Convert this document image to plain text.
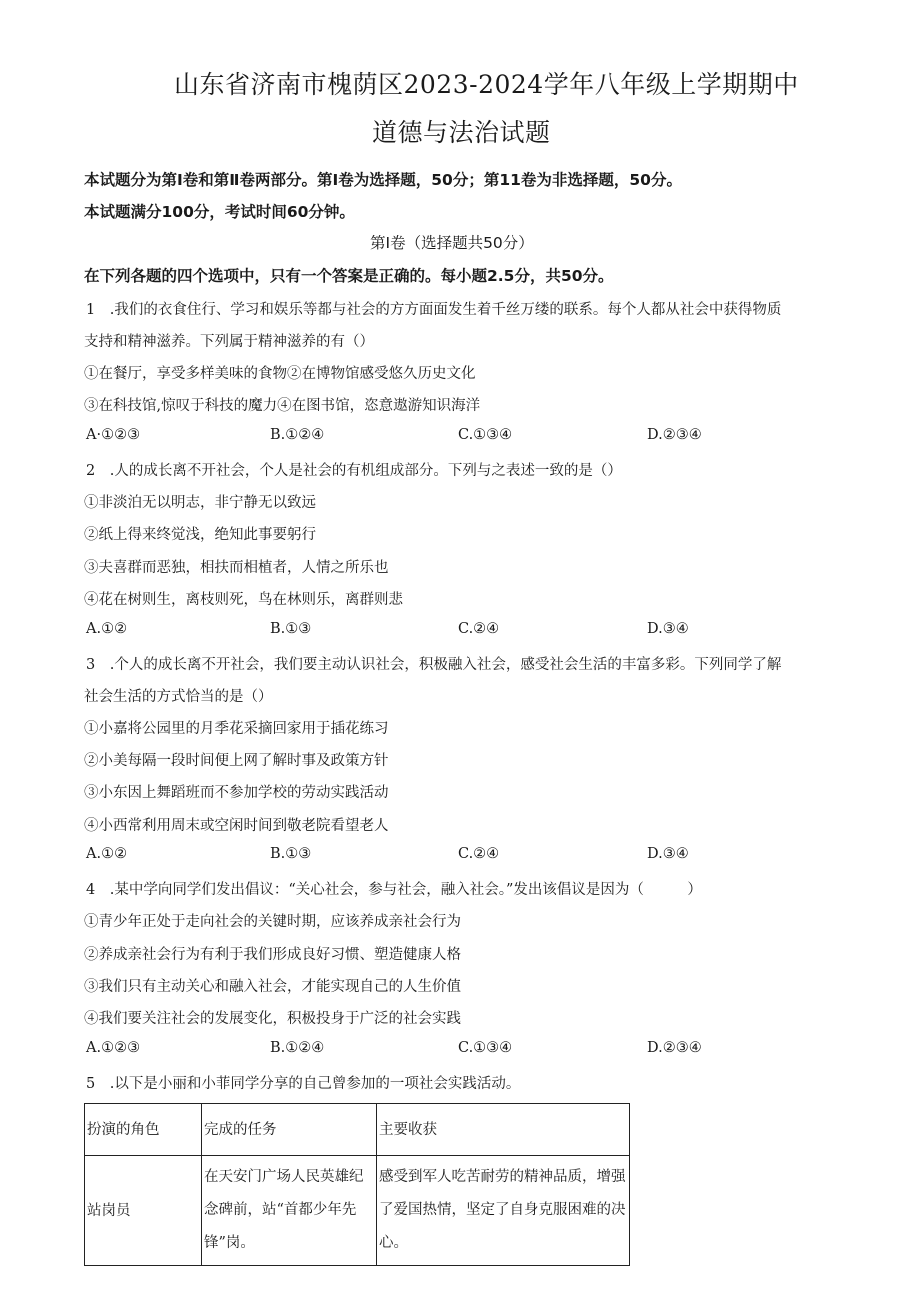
山东省济南市槐荫区2023-2024学年八年级上学期期中
道德与法治试题
本试题分为第Ⅰ卷和第Ⅱ卷两部分。第Ⅰ卷为选择题，50分；第11卷为非选择题，50分。
本试题满分100分，考试时间60分钟。
第Ⅰ卷（选择题共50分）
在下列各题的四个选项中，只有一个答案是正确的。每小题2.5分，共50分。
1　.我们的衣食住行、学习和娱乐等都与社会的方方面面发生着千丝万缕的联系。每个人都从社会中获得物质
支持和精神滋养。下列属于精神滋养的有（）
①在餐厅，享受多样美味的食物②在博物馆感受悠久历史文化
③在科技馆,惊叹于科技的魔力④在图书馆，恣意遨游知识海洋
A·①②③	B.①②④	C.①③④	D.②③④
2　.人的成长离不开社会，个人是社会的有机组成部分。下列与之表述一致的是（）
①非淡泊无以明志，非宁静无以致远
②纸上得来终觉浅，绝知此事要躬行
③夫喜群而恶独，相扶而相植者，人情之所乐也
④花在树则生，离枝则死，鸟在林则乐，离群则悲
A.①②	B.①③	C.②④	D.③④
3　.个人的成长离不开社会，我们要主动认识社会，积极融入社会，感受社会生活的丰富多彩。下列同学了解
社会生活的方式恰当的是（）
①小嘉将公园里的月季花采摘回家用于插花练习
②小美每隔一段时间便上网了解时事及政策方针
③小东因上舞蹈班而不参加学校的劳动实践活动
④小西常利用周末或空闲时间到敬老院看望老人
A.①②	B.①③	C.②④	D.③④
4　.某中学向同学们发出倡议：“关心社会，参与社会，融入社会。”发出该倡议是因为（　　　）
①青少年正处于走向社会的关键时期，应该养成亲社会行为
②养成亲社会行为有利于我们形成良好习惯、塑造健康人格
③我们只有主动关心和融入社会，才能实现自己的人生价值
④我们要关注社会的发展变化，积极投身于广泛的社会实践
A.①②③	B.①②④	C.①③④	D.②③④
5　.以下是小丽和小菲同学分享的自己曾参加的一项社会实践活动。
扮演的角色	完成的任务	主要收获
站岗员	在天安门广场人民英雄纪念碑前，站“首都少年先锋”岗。	感受到军人吃苦耐劳的精神品质，增强了爱国热情，坚定了自身克服困难的决心。
